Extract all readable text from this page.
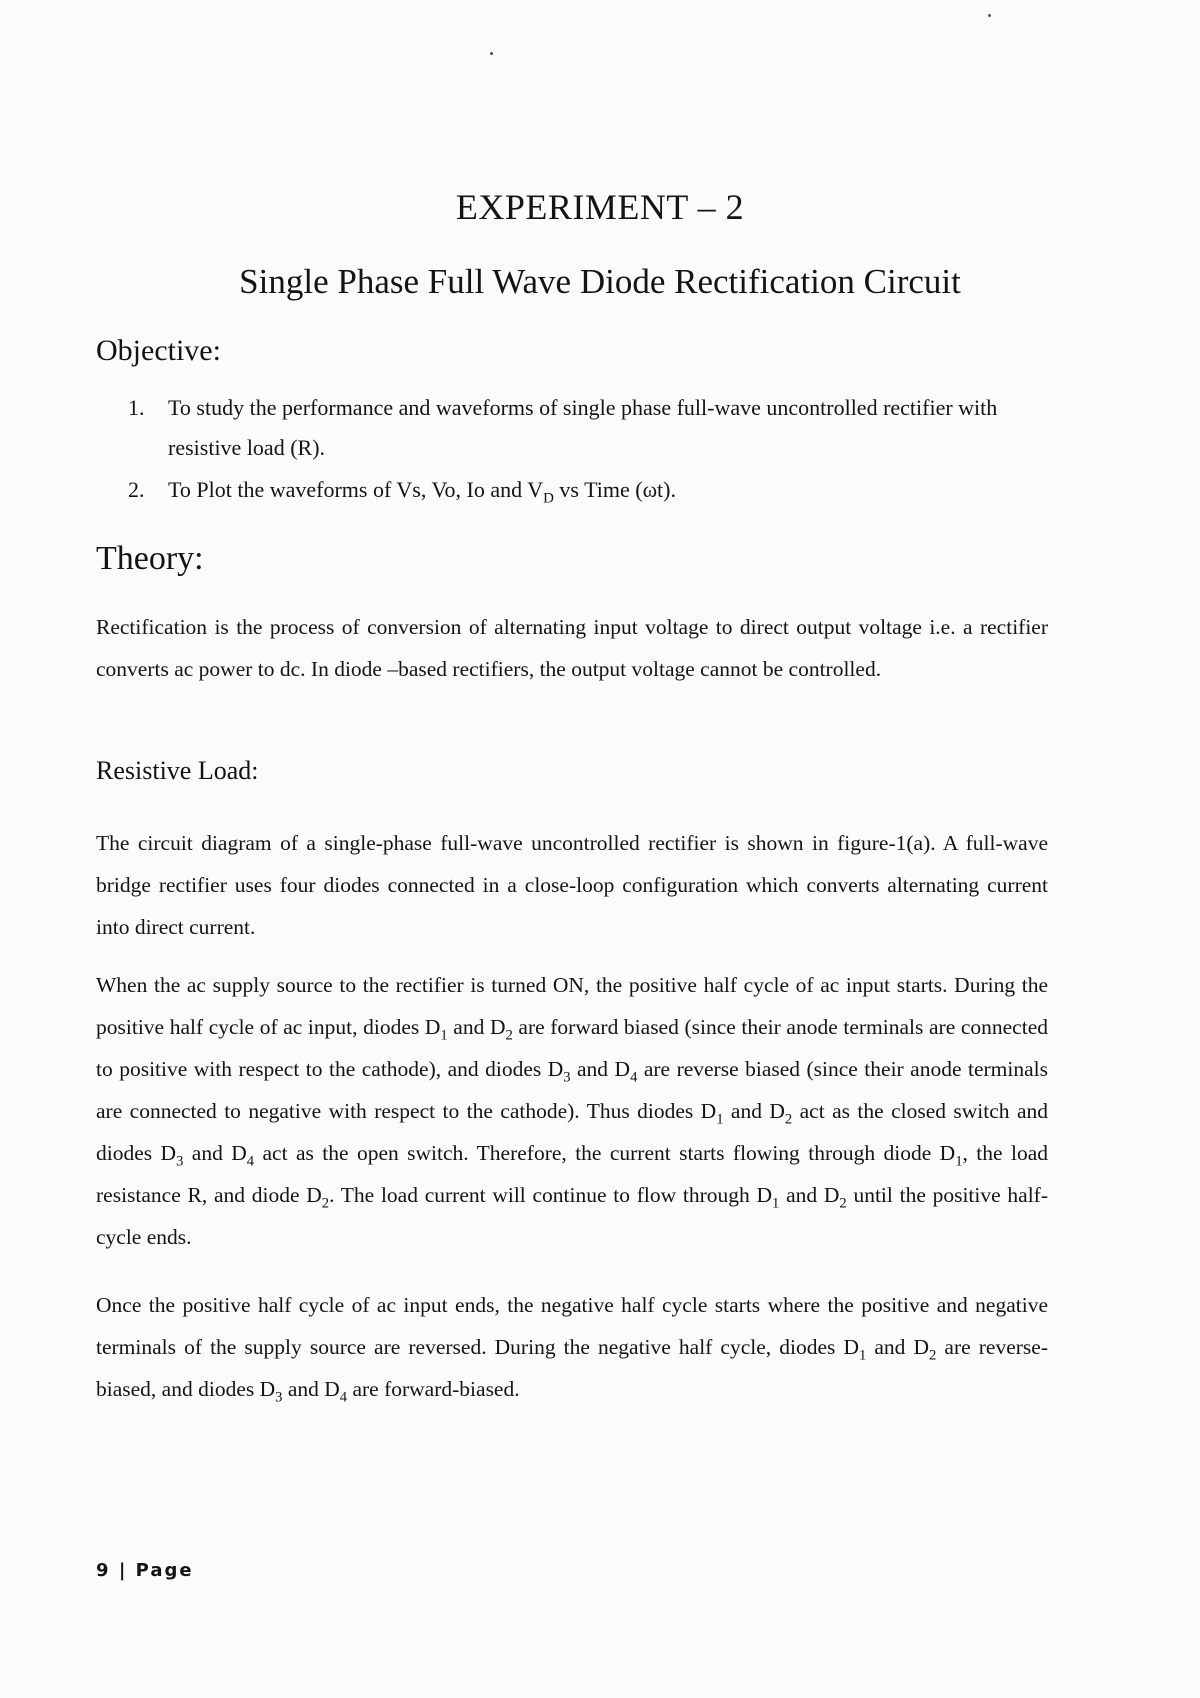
EXPERIMENT – 2
Single Phase Full Wave Diode Rectification Circuit
Objective:
1. To study the performance and waveforms of single phase full-wave uncontrolled rectifier with resistive load (R).
2. To Plot the waveforms of Vs, Vo, Io and $V_D$ vs Time (ωt).
Theory:

Rectification is the process of conversion of alternating input voltage to direct output voltage i.e. a rectifier converts ac power to dc. In diode –based rectifiers, the output voltage cannot be controlled.

Resistive Load:

The circuit diagram of a single-phase full-wave uncontrolled rectifier is shown in figure-1(a). A full-wave bridge rectifier uses four diodes connected in a close-loop configuration which converts alternating current into direct current.

When the ac supply source to the rectifier is turned ON, the positive half cycle of ac input starts. During the positive half cycle of ac input, diodes $D_1$ and $D_2$ are forward biased (since their anode terminals are connected to positive with respect to the cathode), and diodes $D_3$ and $D_4$ are reverse biased (since their anode terminals are connected to negative with respect to the cathode). Thus diodes $D_1$ and $D_2$ act as the closed switch and diodes $D_3$ and $D_4$ act as the open switch. Therefore, the current starts flowing through diode $D_1$, the load resistance R, and diode $D_2$. The load current will continue to flow through $D_1$ and $D_2$ until the positive half-cycle ends.

Once the positive half cycle of ac input ends, the negative half cycle starts where the positive and negative terminals of the supply source are reversed. During the negative half cycle, diodes $D_1$ and $D_2$ are reverse-biased, and diodes $D_3$ and $D_4$ are forward-biased.

9 | Page
